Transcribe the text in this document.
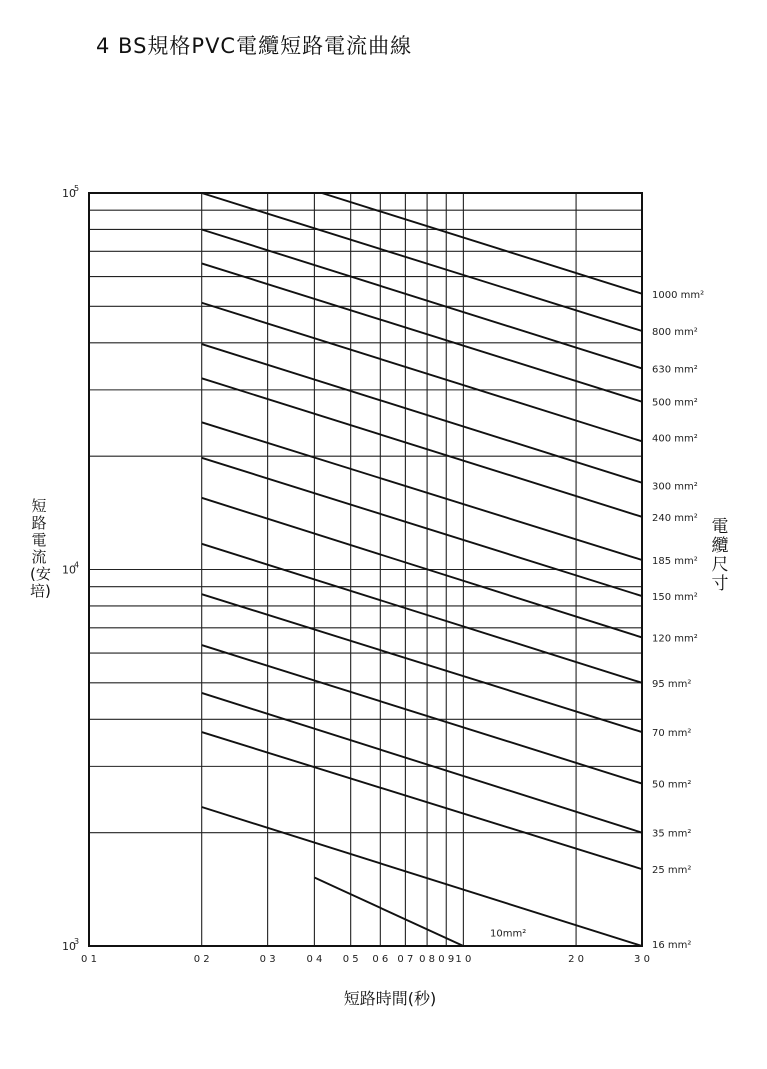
4 BS規格PVC電纜短路電流曲線
0 1	0 2	0 3	0 4 0 5 0 6 0 7 0 8 0 9 1 0	2 0	3 0
10
3
10
4
10
5
16 mm²
10mm²
25 mm²
35 mm²
50 mm²
70 mm²
95 mm²
120 mm²
150 mm²
185 mm²
240 mm²
300 mm²
400 mm²
500 mm²
630 mm²
800 mm²
1000 mm²
短路電流(安培)
電纜尺寸
短路時間(秒)
